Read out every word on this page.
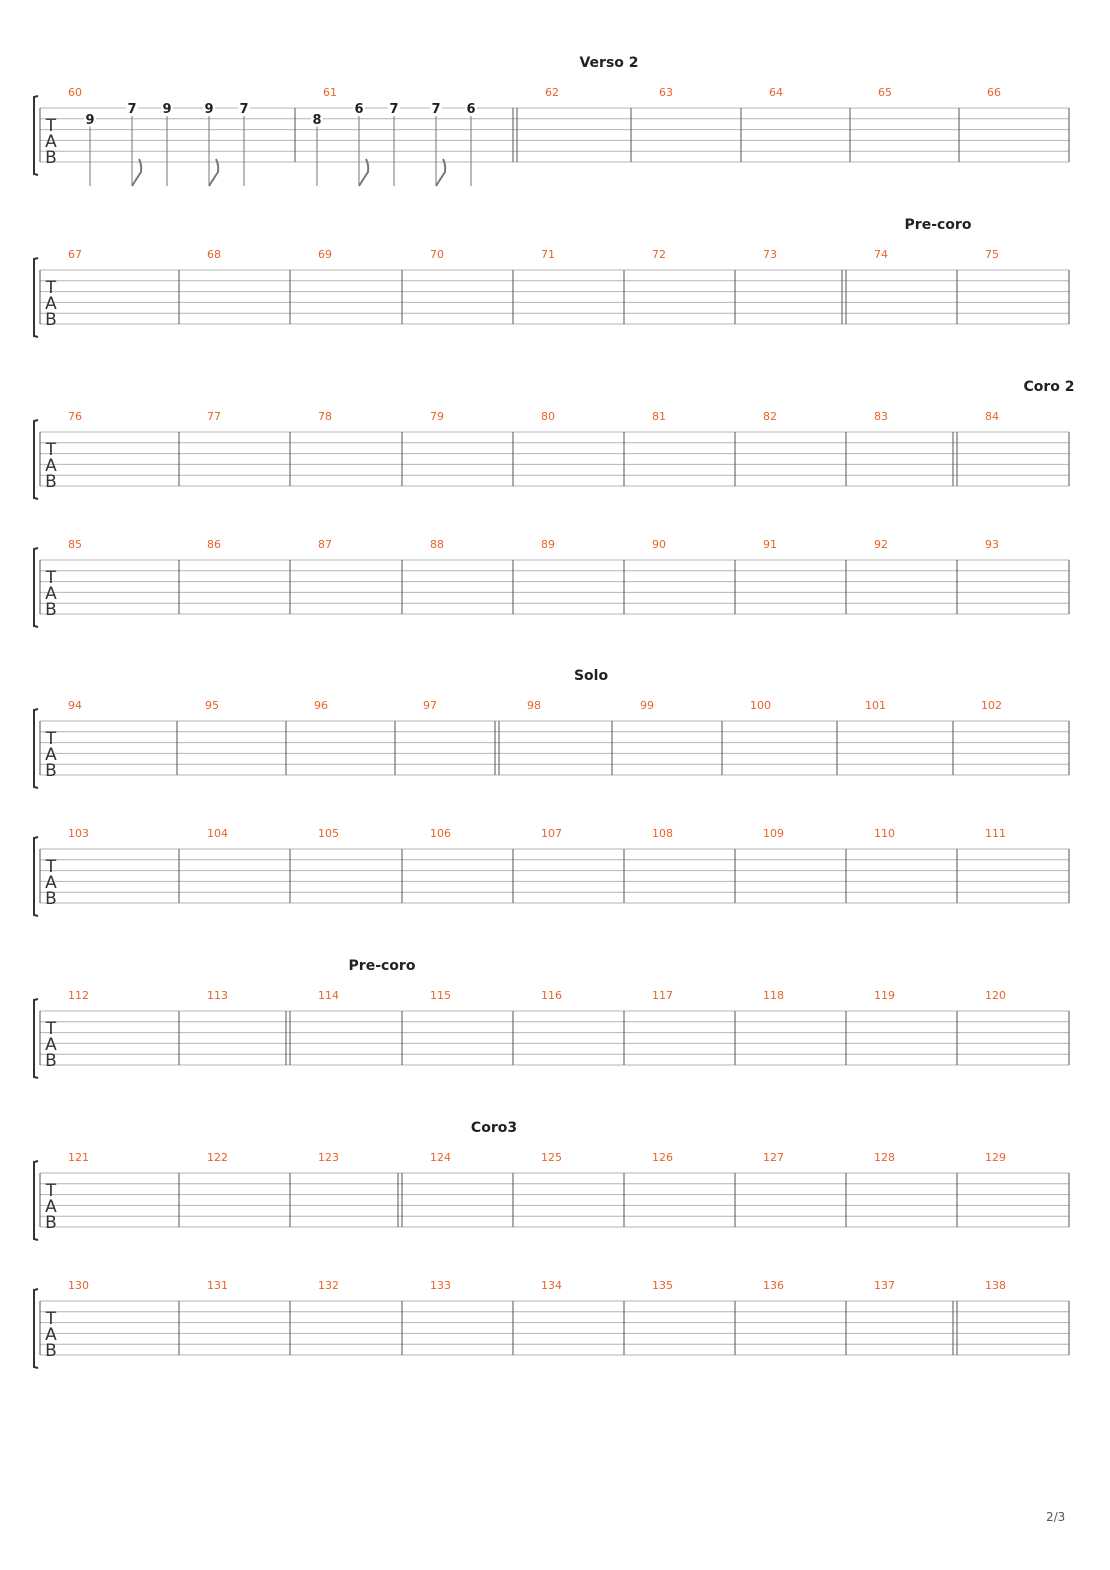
T
A
B
60	61	62	63	64	65	66
Verso 2
9
7 9	9 7
8
6 7	7 6
T
A
B
67	68	69	70	71	72	73	74	75
Pre-coro
T
A
B
76	77	78	79	80	81	82	83	84
Coro 2
T
A
B
85	86	87	88	89	90	91	92	93
T
A
B
94	95	96	97	98	99	100	101	102
Solo
T
A
B
103	104	105	106	107	108	109	110	111
T
A
B
112	113	114	115	116	117	118	119	120
Pre-coro
T
A
B
121	122	123	124	125	126	127	128	129
Coro3
T
A
B
130	131	132	133	134	135	136	137	138
2/3
